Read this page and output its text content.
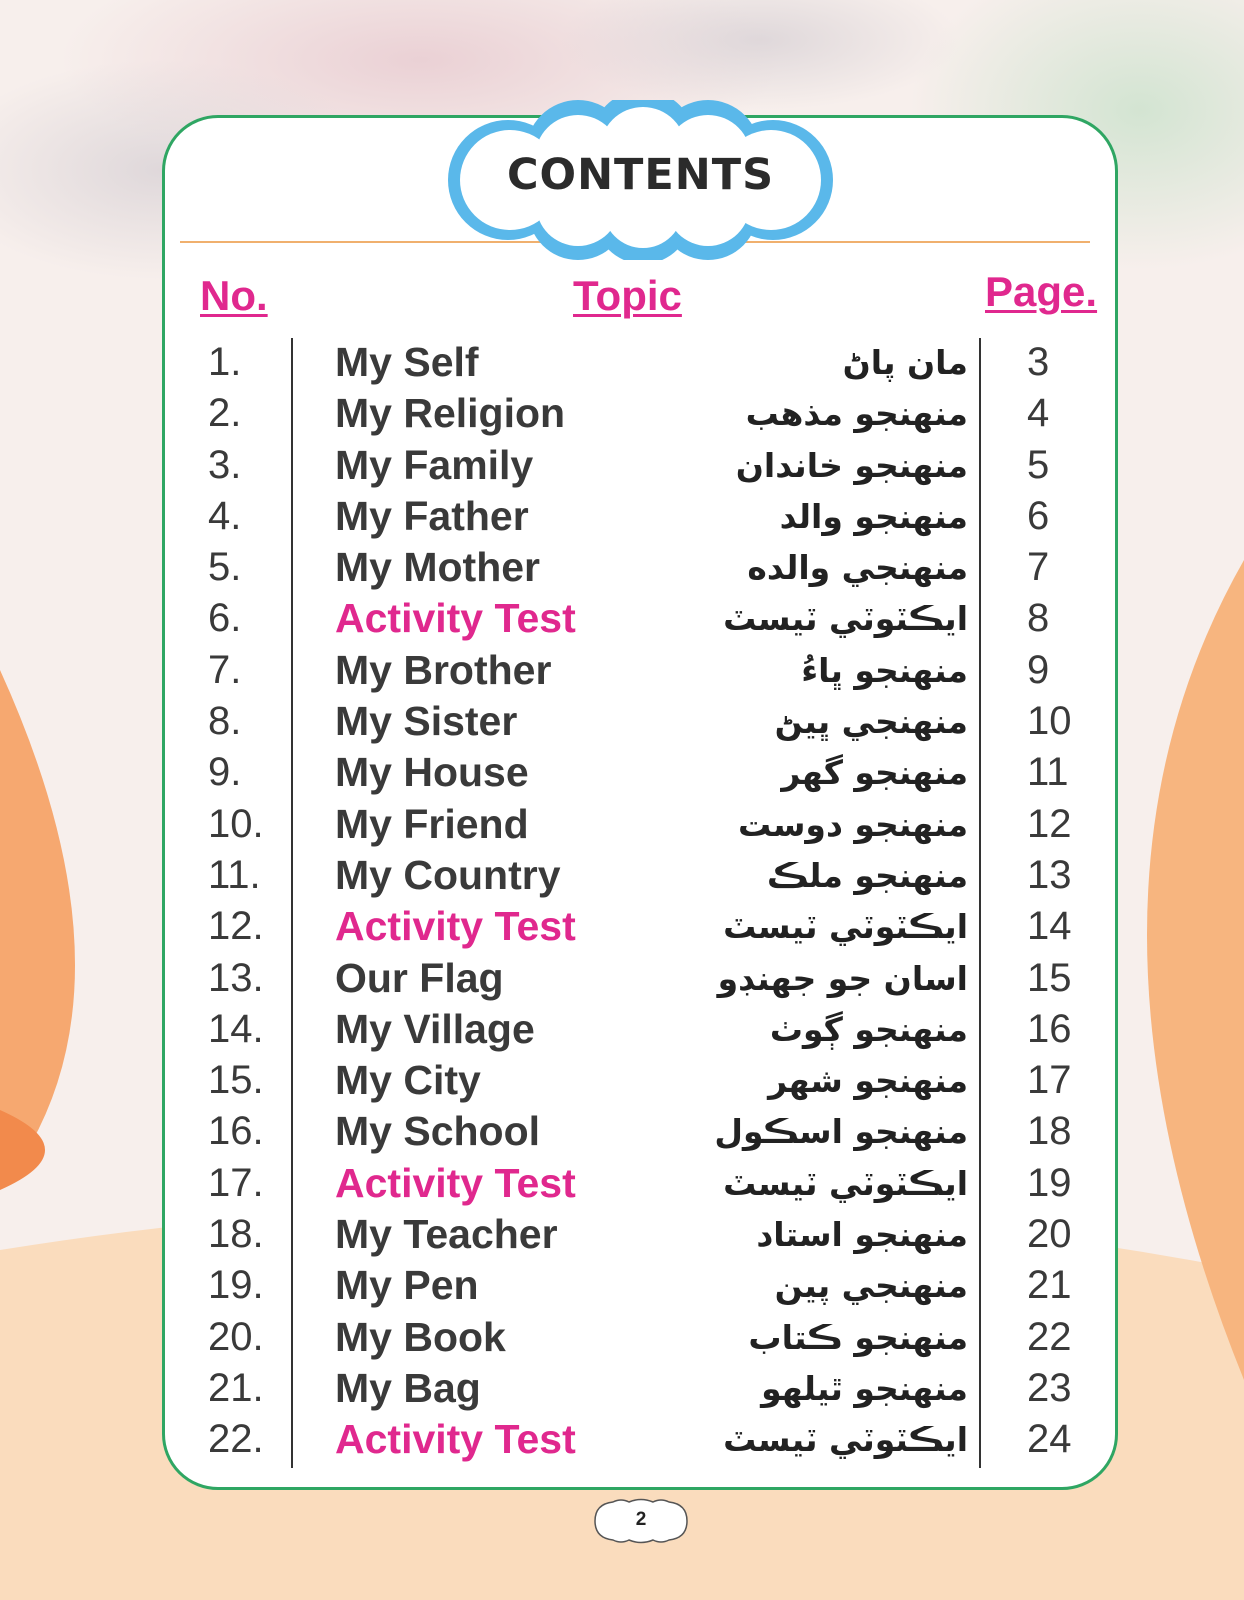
CONTENTS
No.	Topic	Page.
1. My Self	مان پاڻ 3
2. My Religion	منهنجو مذهب 4
3. My Family	منهنجو خاندان 5
4. My Father	منهنجو والد 6
5. My Mother	منهنجي والده 7
6. Activity Test	ايڪٽوٽي ٽيسٽ 8
7. My Brother	منهنجو ڀاءُ 9
8. My Sister	منهنجي ڀيڻ 10
9. My House	منهنجو گهر 11
10. My Friend	منهنجو دوست 12
11. My Country	منهنجو ملڪ 13
12. Activity Test	ايڪٽوٽي ٽيسٽ 14
13. Our Flag	اسان جو جهنڊو 15
14. My Village	منهنجو ڳوٺ 16
15. My City	منهنجو شهر 17
16. My School	منهنجو اسڪول 18
17. Activity Test	ايڪٽوٽي ٽيسٽ 19
18. My Teacher	منهنجو استاد 20
19. My Pen	منهنجي پين 21
20. My Book	منهنجو ڪتاب 22
21. My Bag	منهنجو ٿيلهو 23
22. Activity Test	ايڪٽوٽي ٽيسٽ 24
2
